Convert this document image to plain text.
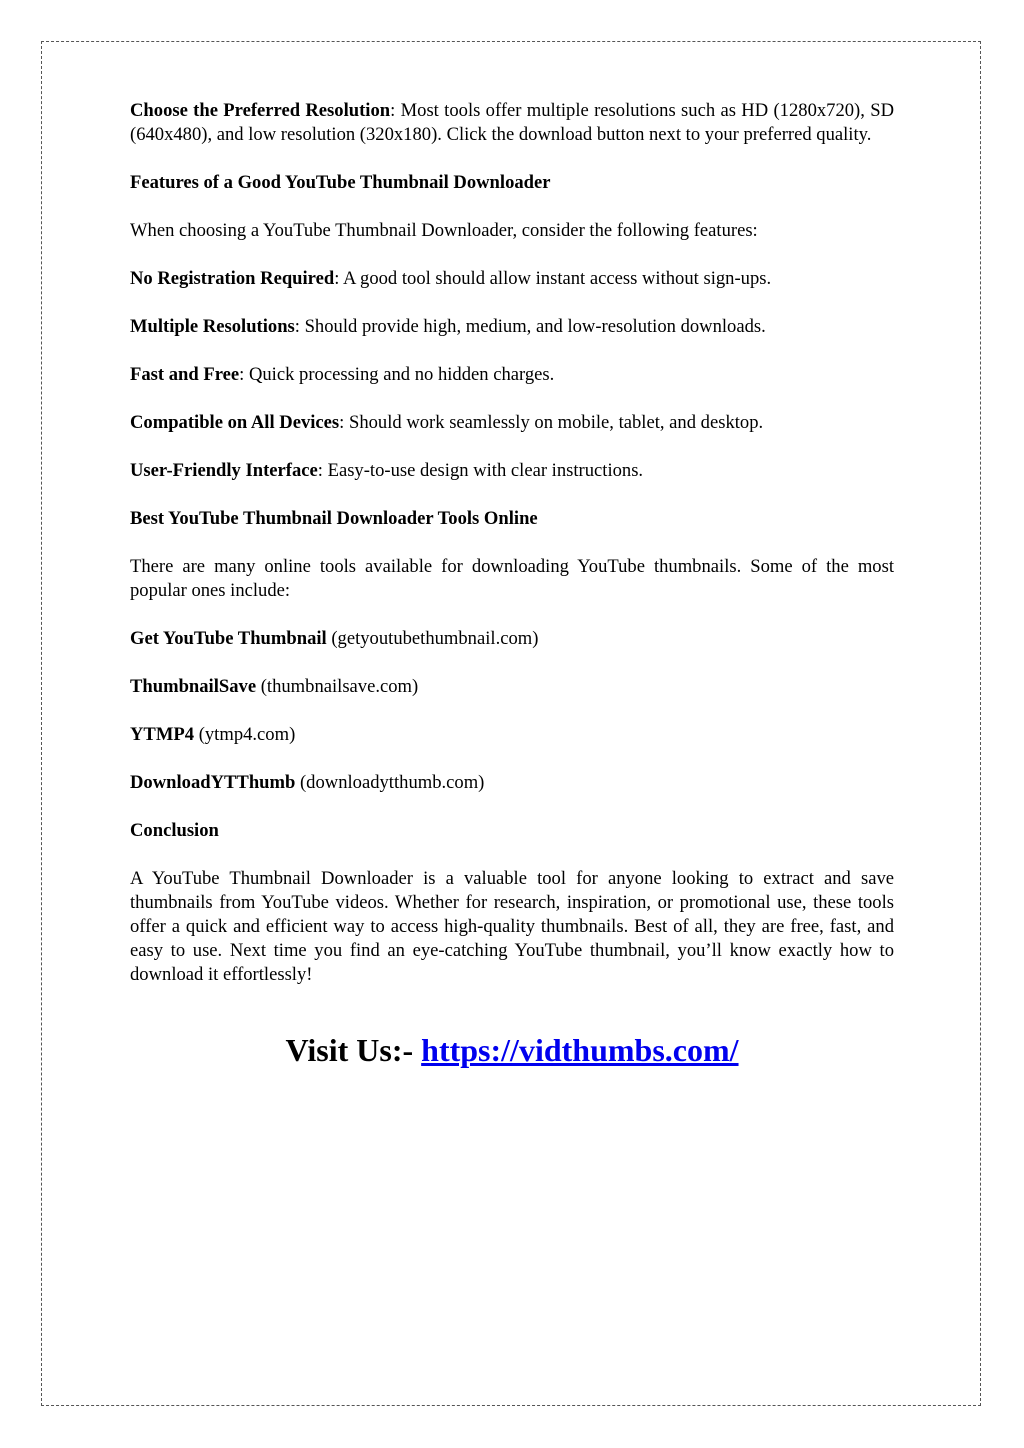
Choose the Preferred Resolution: Most tools offer multiple resolutions such as HD (1280x720), SD (640x480), and low resolution (320x180). Click the download button next to your preferred quality.

Features of a Good YouTube Thumbnail Downloader

When choosing a YouTube Thumbnail Downloader, consider the following features:

No Registration Required: A good tool should allow instant access without sign-ups.

Multiple Resolutions: Should provide high, medium, and low-resolution downloads.

Fast and Free: Quick processing and no hidden charges.

Compatible on All Devices: Should work seamlessly on mobile, tablet, and desktop.

User-Friendly Interface: Easy-to-use design with clear instructions.

Best YouTube Thumbnail Downloader Tools Online

There are many online tools available for downloading YouTube thumbnails. Some of the most popular ones include:

Get YouTube Thumbnail (getyoutubethumbnail.com)

ThumbnailSave (thumbnailsave.com)

YTMP4 (ytmp4.com)

DownloadYTThumb (downloadytthumb.com)

Conclusion

A YouTube Thumbnail Downloader is a valuable tool for anyone looking to extract and save thumbnails from YouTube videos. Whether for research, inspiration, or promotional use, these tools offer a quick and efficient way to access high-quality thumbnails. Best of all, they are free, fast, and easy to use. Next time you find an eye-catching YouTube thumbnail, you’ll know exactly how to download it effortlessly!

Visit Us:- https://vidthumbs.com/
